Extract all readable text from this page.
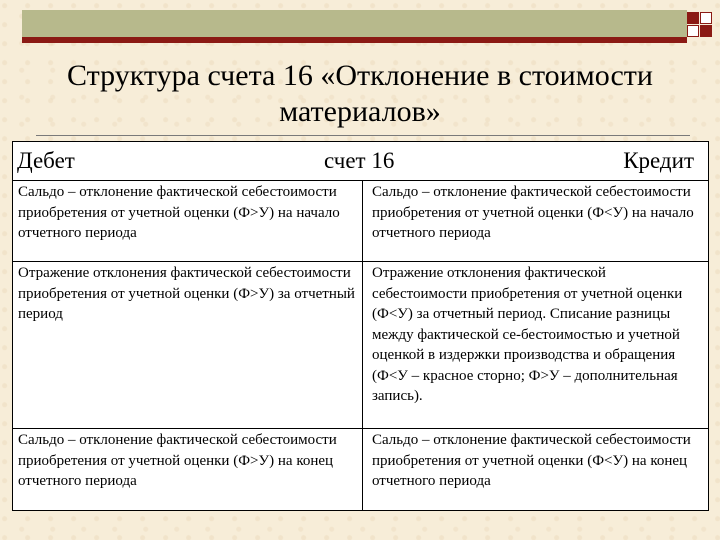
Структура счета 16 «Отклонение в стоимости
материалов»
Дебет счет 16 Кредит	

Сальдо – отклонение фактической себестоимости приобретения от учетной оценки (Ф>У) на начало отчетного периода	Сальдо – отклонение фактической себестоимости приобретения от учетной оценки (Ф<У) на начало отчетного периода
Отражение отклонения фактической себестоимости приобретения от учетной оценки (Ф>У) за отчетный период	Отражение отклонения фактической себестоимости приобретения от учетной оценки (Ф<У) за отчетный период. Списание разницы между фактической се-бестоимостью и учетной оценкой в издержки производства и обращения (Ф<У – красное сторно; Ф>У – дополнительная запись).
Сальдо – отклонение фактической себестоимости приобретения от учетной оценки (Ф>У) на конец отчетного периода	Сальдо – отклонение фактической себестоимости приобретения от учетной оценки (Ф<У) на конец отчетного периода
